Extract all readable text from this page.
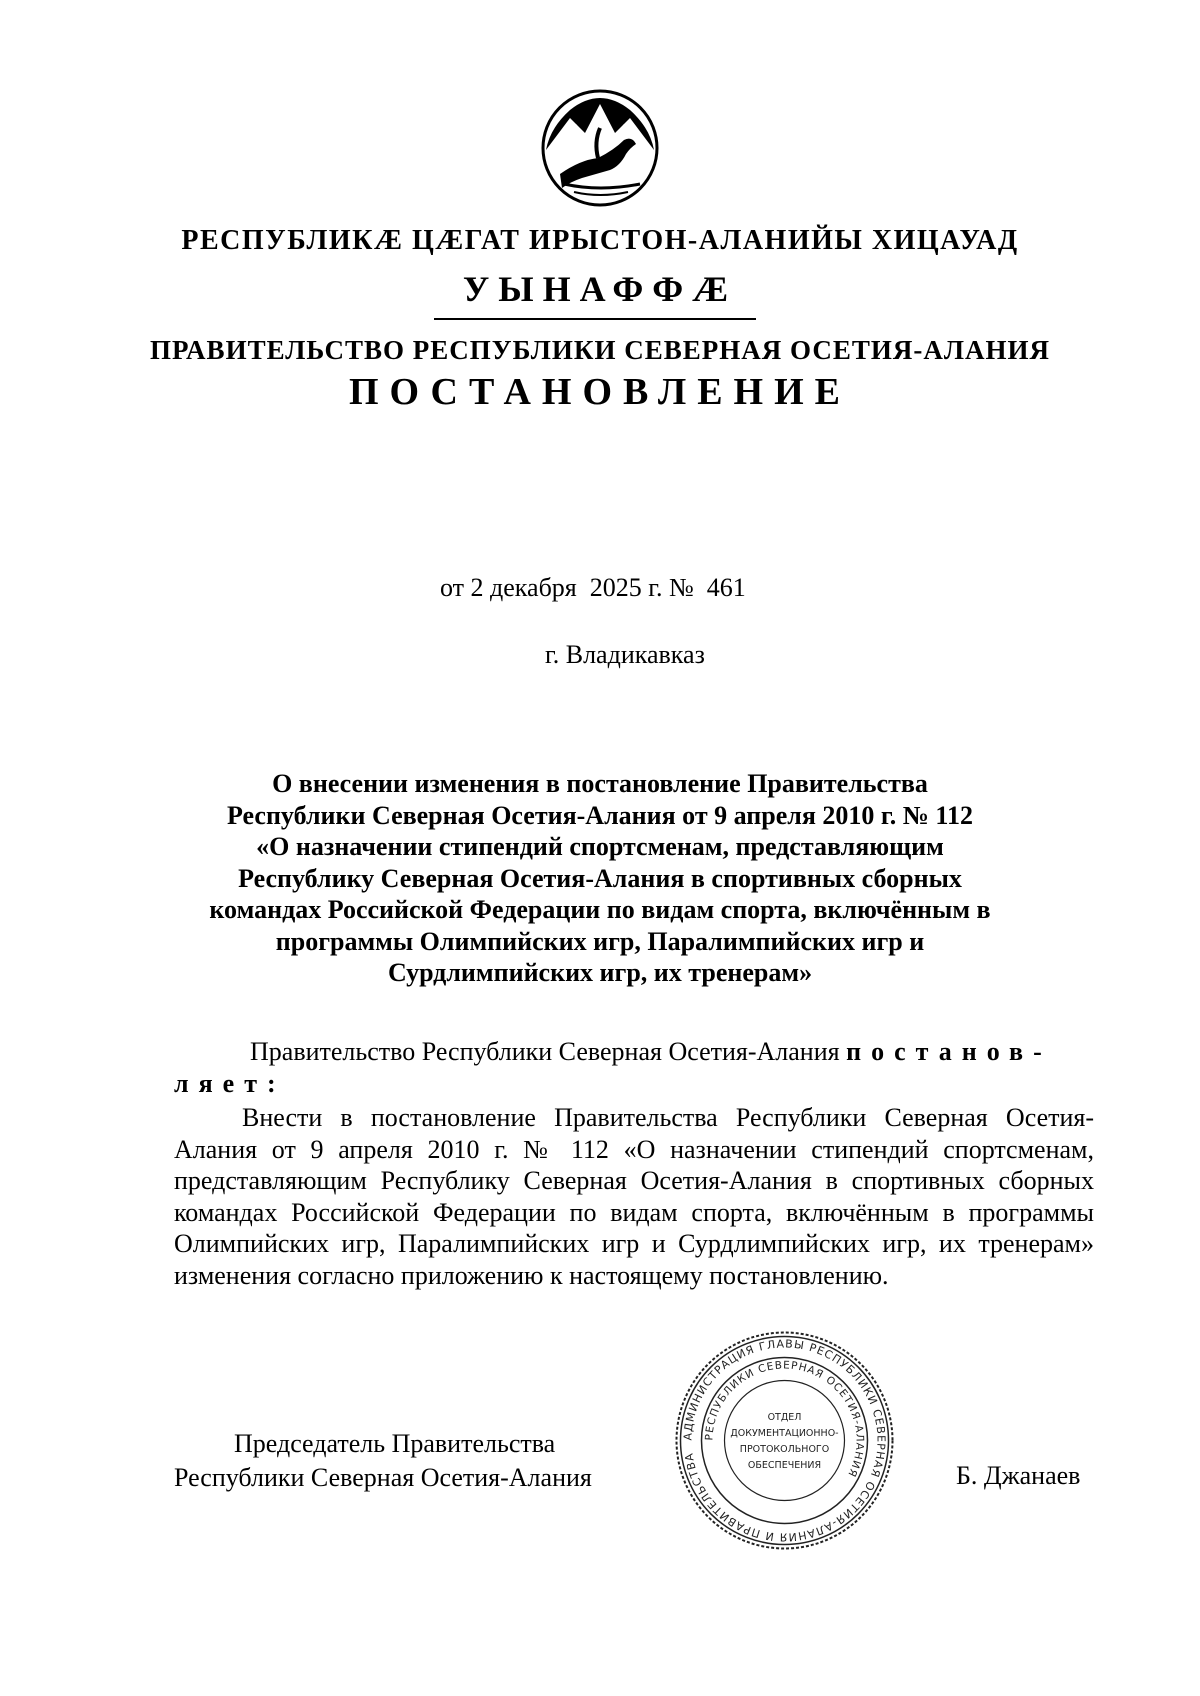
РЕСПУБЛИКӔ ЦӔГАТ ИРЫСТОН-АЛАНИЙЫ ХИЦАУАД
УЫНАФФӔ
ПРАВИТЕЛЬСТВО РЕСПУБЛИКИ СЕВЕРНАЯ ОСЕТИЯ-АЛАНИЯ
ПОСТАНОВЛЕНИЕ
от 2 декабря  2025 г. №  461
г. Владикавказ
О внесении изменения в постановление Правительства
Республики Северная Осетия-Алания от 9 апреля 2010 г. № 112
«О назначении стипендий спортсменам, представляющим
Республику Северная Осетия-Алания в спортивных сборных
командах Российской Федерации по видам спорта, включённым в
программы Олимпийских игр, Паралимпийских игр и
Сурдлимпийских игр, их тренерам»
Правительство Республики Северная Осетия-Алания постанов-
ляет:
Внести в постановление Правительства Республики Северная Осетия-Алания от 9 апреля 2010 г. № 112 «О назначении стипендий спортсменам, представляющим Республику Северная Осетия-Алания в спортивных сборных командах Российской Федерации по видам спорта, включённым в программы Олимпийских игр, Паралимпийских игр и Сурдлимпийских игр, их тренерам» изменения согласно приложению к настоящему постановлению.
Председатель Правительства
Республики Северная Осетия-Алания	Б. Джанаев
АДМИНИСТРАЦИЯ ГЛАВЫ РЕСПУБЛИКИ СЕВЕРНАЯ ОСЕТИЯ-АЛАНИЯ И ПРАВИТЕЛЬСТВА
РЕСПУБЛИКИ СЕВЕРНАЯ ОСЕТИЯ-АЛАНИЯ
ОТДЕЛ
ДОКУМЕНТАЦИОННО-
ПРОТОКОЛЬНОГО
ОБЕСПЕЧЕНИЯ
